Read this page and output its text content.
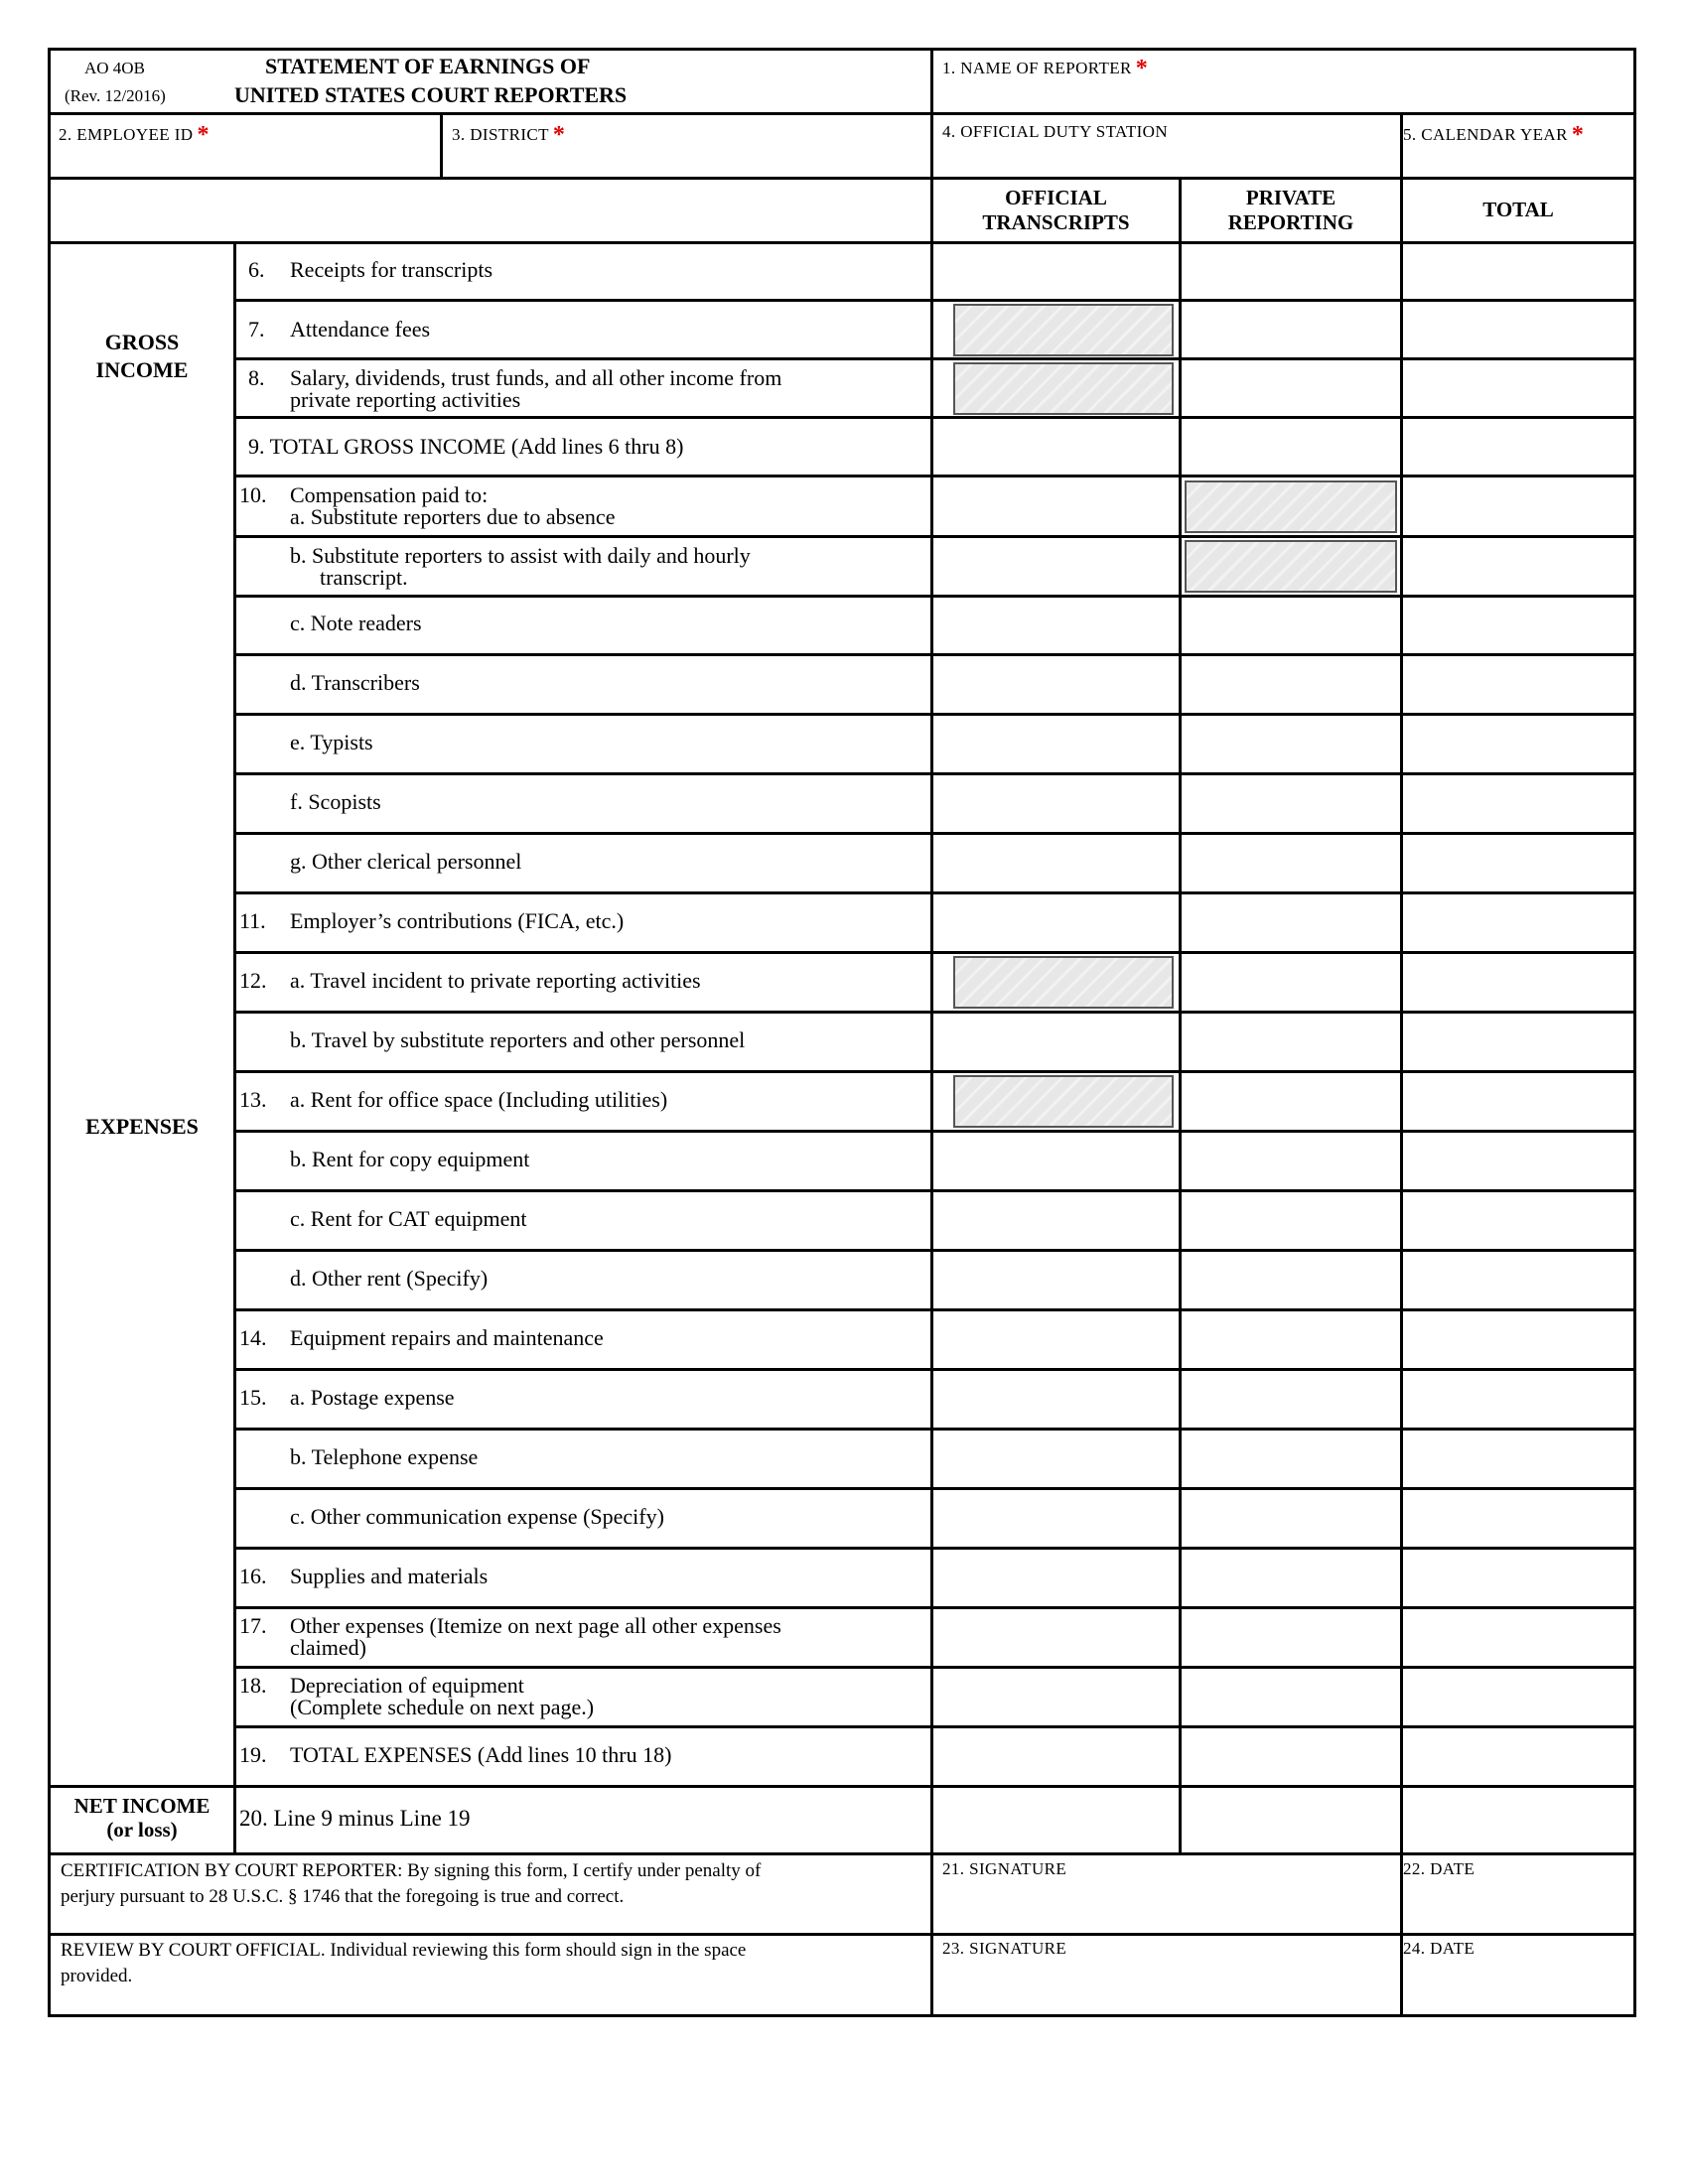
AO 4OB
(Rev. 12/2016)
STATEMENT OF EARNINGS OF
UNITED STATES COURT REPORTERS
1. NAME OF REPORTER *
2. EMPLOYEE ID *	3. DISTRICT *	4. OFFICIAL DUTY STATION	5. CALENDAR YEAR *
OFFICIAL
TRANSCRIPTS
PRIVATE
REPORTING
TOTAL
GROSS
INCOME
EXPENSES
NET INCOME
(or loss)
6. Receipts for transcripts
7. Attendance fees
8. Salary, dividends, trust funds, and all other income from
private reporting activities
9. TOTAL GROSS INCOME (Add lines 6 thru 8)
10. Compensation paid to:
a. Substitute reporters due to absence
b. Substitute reporters to assist with daily and hourly
transcript.
c. Note readers
d. Transcribers
e. Typists
f. Scopists
g. Other clerical personnel
11. Employer’s contributions (FICA, etc.)
12. a. Travel incident to private reporting activities
b. Travel by substitute reporters and other personnel
13. a. Rent for office space (Including utilities)
b. Rent for copy equipment
c. Rent for CAT equipment
d. Other rent (Specify)
14. Equipment repairs and maintenance
15. a. Postage expense
b. Telephone expense
c. Other communication expense (Specify)
16. Supplies and materials
17. Other expenses (Itemize on next page all other expenses
claimed)
18. Depreciation of equipment
(Complete schedule on next page.)
19. TOTAL EXPENSES (Add lines 10 thru 18)
20. Line 9 minus Line 19
CERTIFICATION BY COURT REPORTER: By signing this form, I certify under penalty of
perjury pursuant to 28 U.S.C. § 1746 that the foregoing is true and correct.
21. SIGNATURE	22. DATE
REVIEW BY COURT OFFICIAL. Individual reviewing this form should sign in the space
provided.
23. SIGNATURE	24. DATE
